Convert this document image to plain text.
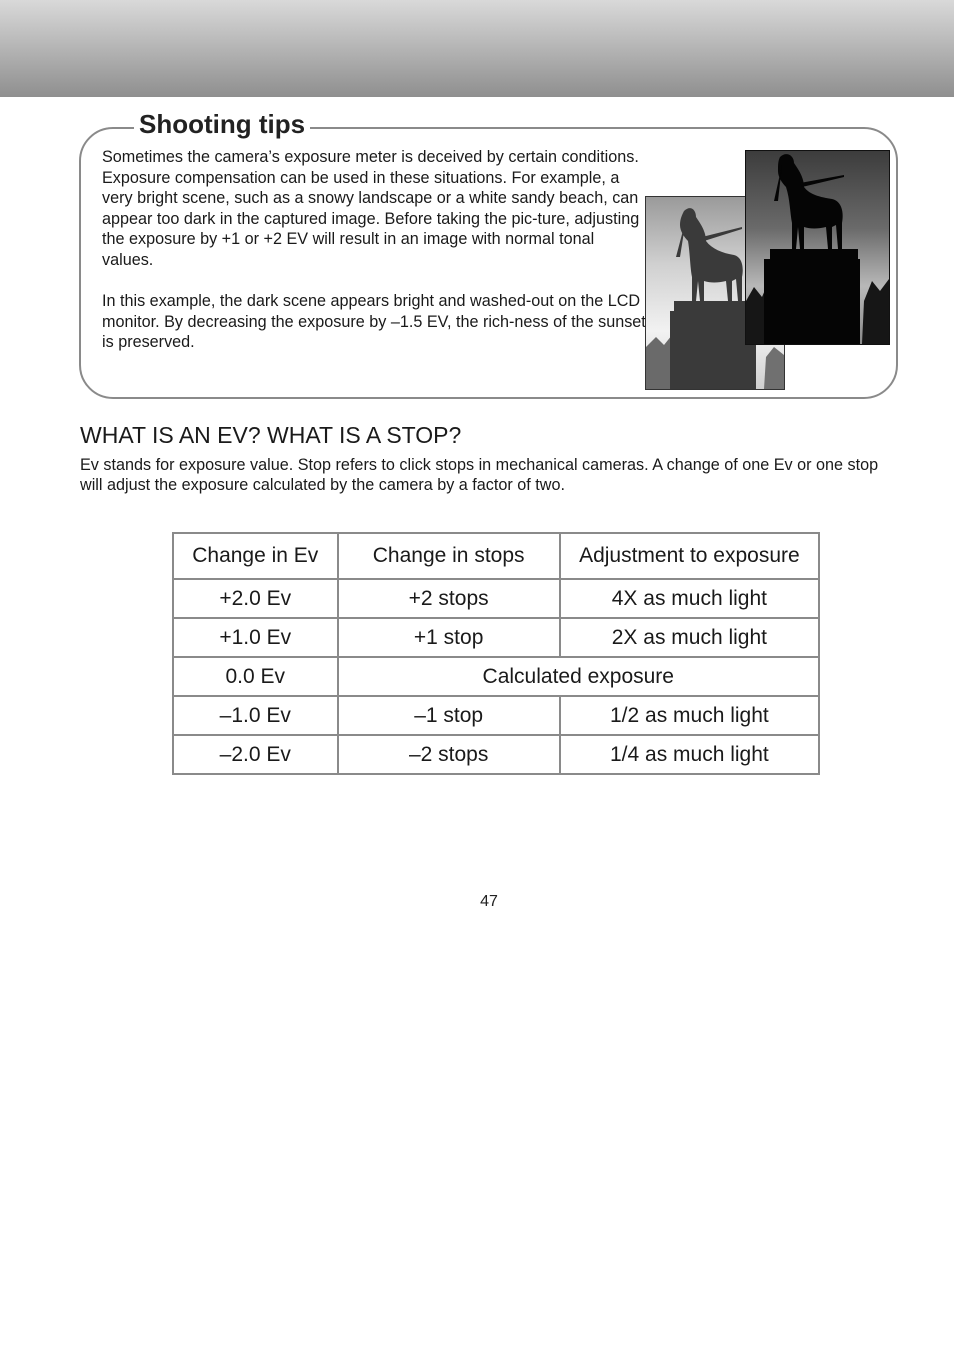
Shooting tips

Sometimes the camera’s exposure meter is deceived by certain conditions. Exposure compensation can be used in these situations. For example, a very bright scene, such as a snowy landscape or a white sandy beach, can appear too dark in the captured image. Before taking the pic-ture, adjusting the exposure by +1 or +2 EV will result in an image with normal tonal values.

In this example, the dark scene appears bright and washed-out on the LCD monitor. By decreasing the exposure by –1.5 EV, the rich-ness of the sunset is preserved.

WHAT IS AN EV? WHAT IS A STOP?

Ev stands for exposure value. Stop refers to click stops in mechanical cameras. A change of one Ev or one stop will adjust the exposure calculated by the camera by a factor of two.

Change in Ev	Change in stops	Adjustment to exposure
+2.0 Ev	+2 stops	4X as much light
+1.0 Ev	+1 stop	2X as much light
0.0 Ev	Calculated exposure	
–1.0 Ev	–1 stop	1/2 as much light
–2.0 Ev	–2 stops	1/4 as much light
47
